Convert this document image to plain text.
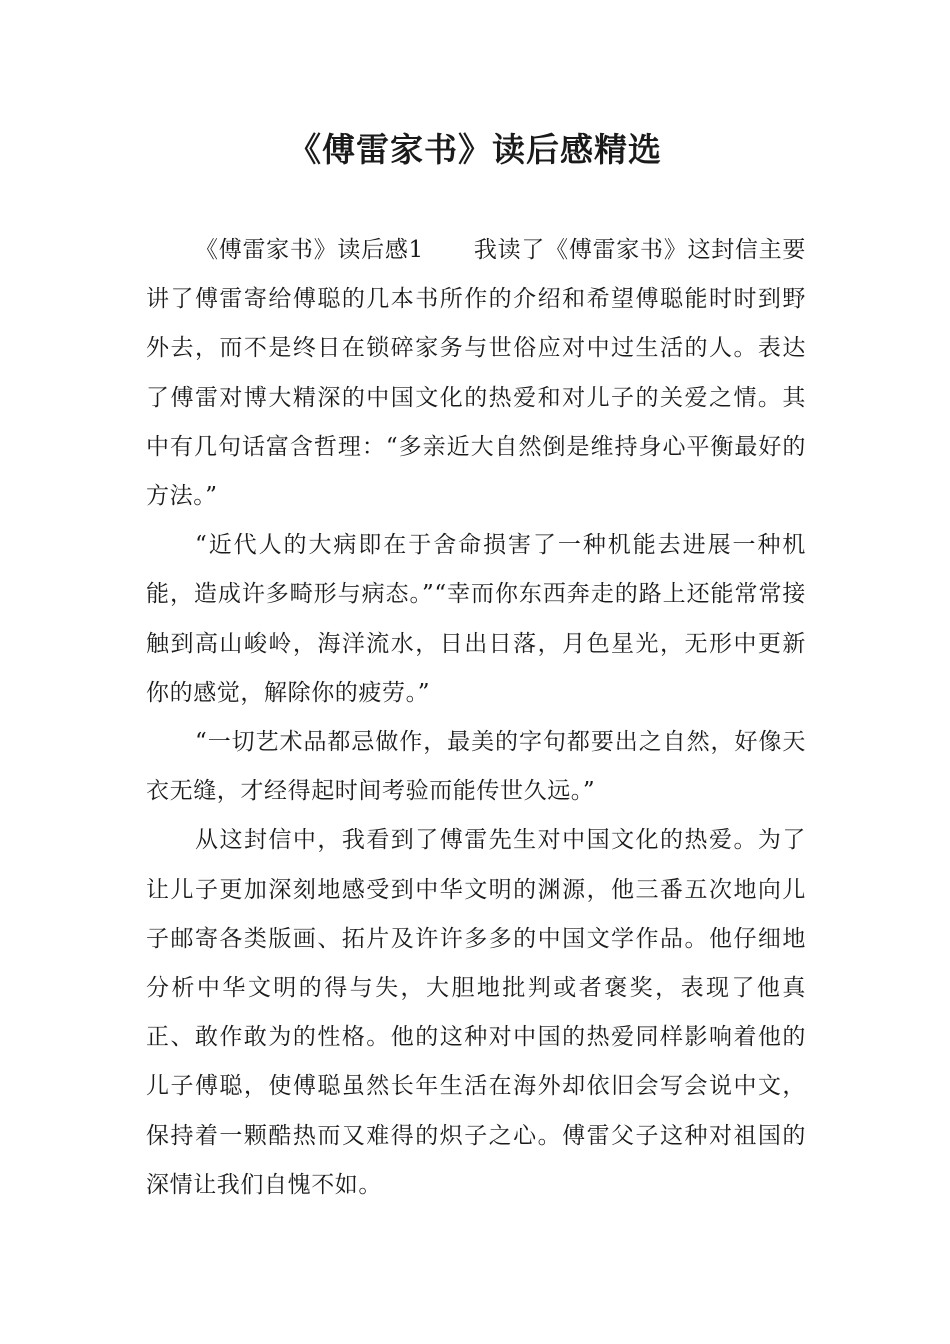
《傅雷家书》读后感精选

《傅雷家书》读后感1 我读了《傅雷家书》这封信主要讲了傅雷寄给傅聪的几本书所作的介绍和希望傅聪能时时到野外去，而不是终日在锁碎家务与世俗应对中过生活的人。表达了傅雷对博大精深的中国文化的热爱和对儿子的关爱之情。其中有几句话富含哲理：“多亲近大自然倒是维持身心平衡最好的方法。”

“近代人的大病即在于舍命损害了一种机能去进展一种机能，造成许多畸形与病态。”“幸而你东西奔走的路上还能常常接触到高山峻岭，海洋流水，日出日落，月色星光，无形中更新你的感觉，解除你的疲劳。”

“一切艺术品都忌做作，最美的字句都要出之自然，好像天衣无缝，才经得起时间考验而能传世久远。”

从这封信中，我看到了傅雷先生对中国文化的热爱。为了让儿子更加深刻地感受到中华文明的渊源，他三番五次地向儿子邮寄各类版画、拓片及许许多多的中国文学作品。他仔细地分析中华文明的得与失，大胆地批判或者褒奖，表现了他真正、敢作敢为的性格。他的这种对中国的热爱同样影响着他的儿子傅聪，使傅聪虽然长年生活在海外却依旧会写会说中文，保持着一颗酷热而又难得的炽子之心。傅雷父子这种对祖国的深情让我们自愧不如。
